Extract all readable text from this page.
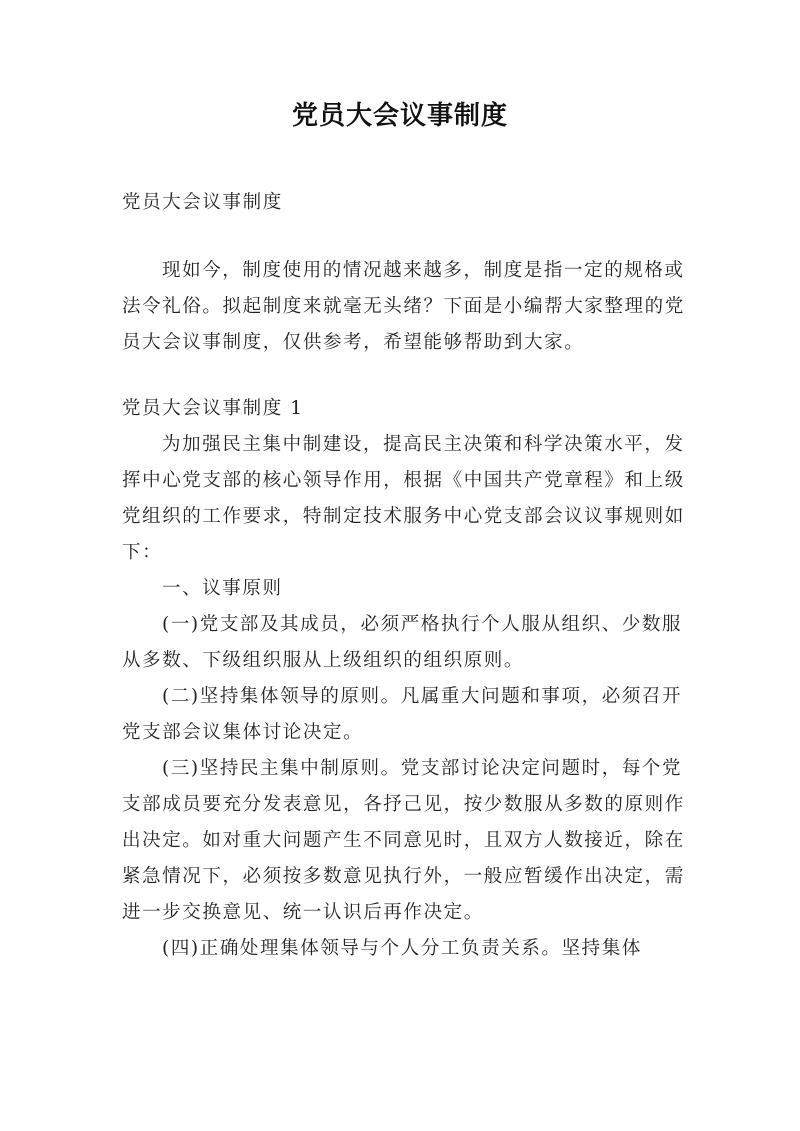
党员大会议事制度

党员大会议事制度

现如今，制度使用的情况越来越多，制度是指一定的规格或法令礼俗。拟起制度来就毫无头绪？下面是小编帮大家整理的党员大会议事制度，仅供参考，希望能够帮助到大家。

党员大会议事制度 1

为加强民主集中制建设，提高民主决策和科学决策水平，发挥中心党支部的核心领导作用，根据《中国共产党章程》和上级党组织的工作要求，特制定技术服务中心党支部会议议事规则如下：

一、议事原则

(一)党支部及其成员，必须严格执行个人服从组织、少数服从多数、下级组织服从上级组织的组织原则。

(二)坚持集体领导的原则。凡属重大问题和事项，必须召开党支部会议集体讨论决定。

(三)坚持民主集中制原则。党支部讨论决定问题时，每个党支部成员要充分发表意见，各抒己见，按少数服从多数的原则作出决定。如对重大问题产生不同意见时，且双方人数接近，除在紧急情况下，必须按多数意见执行外，一般应暂缓作出决定，需进一步交换意见、统一认识后再作决定。

(四)正确处理集体领导与个人分工负责关系。坚持集体
